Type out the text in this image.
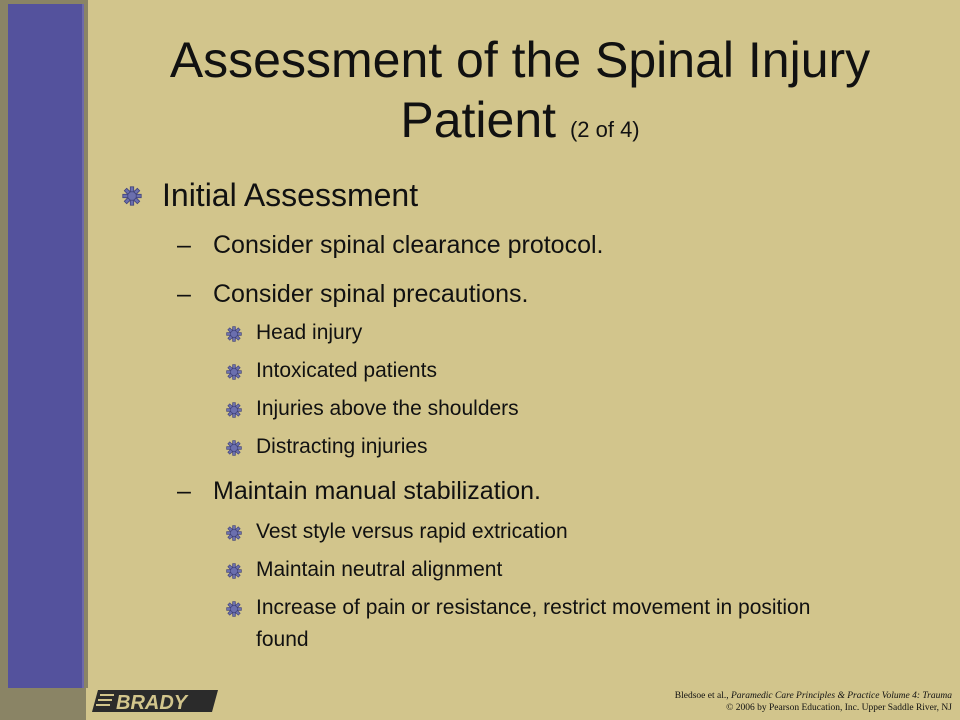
Assessment of the Spinal Injury Patient (2 of 4)
Initial Assessment
– Consider spinal clearance protocol.
– Consider spinal precautions.
Head injury
Intoxicated patients
Injuries above the shoulders
Distracting injuries
– Maintain manual stabilization.
Vest style versus rapid extrication
Maintain neutral alignment
Increase of pain or resistance, restrict movement in position found
BRADY	Bledsoe et al., Paramedic Care Principles & Practice Volume 4: Trauma
© 2006 by Pearson Education, Inc. Upper Saddle River, NJ
